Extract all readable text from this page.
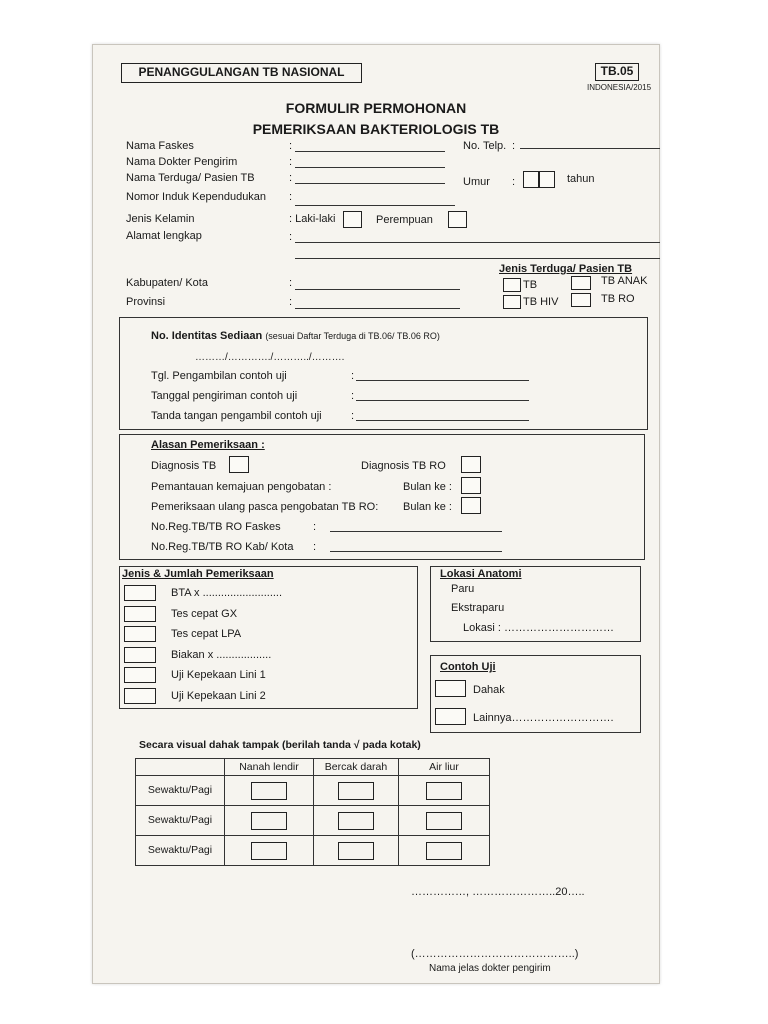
PENANGGULANGAN TB NASIONAL	TB.05
INDONESIA/2015
FORMULIR PERMOHONAN
PEMERIKSAAN BAKTERIOLOGIS TB
Nama Faskes	:	No. Telp. :
Nama Dokter Pengirim	:
Nama Terduga/ Pasien TB	:	Umur :	tahun
Nomor Induk Kependudukan :
Jenis Kelamin	: Laki-laki	Perempuan
Alamat lengkap	:
Jenis Terduga/ Pasien TB
Kabupaten/ Kota	:	TB	TB ANAK
Provinsi	:	TB HIV	TB RO
No. Identitas Sediaan (sesuai Daftar Terduga di TB.06/ TB.06 RO)
………/…………./………../……….
Tgl. Pengambilan contoh uji	:
Tanggal pengiriman contoh uji	:
Tanda tangan pengambil contoh uji	:
Alasan Pemeriksaan :
Diagnosis TB	Diagnosis TB RO
Pemantauan kemajuan pengobatan :	Bulan ke :
Pemeriksaan ulang pasca pengobatan TB RO: Bulan ke :
No.Reg.TB/TB RO Faskes	:
No.Reg.TB/TB RO Kab/ Kota :
Jenis & Jumlah Pemeriksaan
BTA x ..........................
Tes cepat GX
Tes cepat LPA
Biakan x ..................
Uji Kepekaan Lini 1
Uji Kepekaan Lini 2
Lokasi Anatomi
Paru
Ekstraparu
Lokasi : …………………………
Contoh Uji
Dahak
Lainnya……………………….
Secara visual dahak tampak (berilah tanda √ pada kotak)
	Nanah lendir	Bercak darah	Air liur
Sewaktu/Pagi			
Sewaktu/Pagi			
Sewaktu/Pagi			
……………, …………………..20…..
(……………………………………..)
Nama jelas dokter pengirim
